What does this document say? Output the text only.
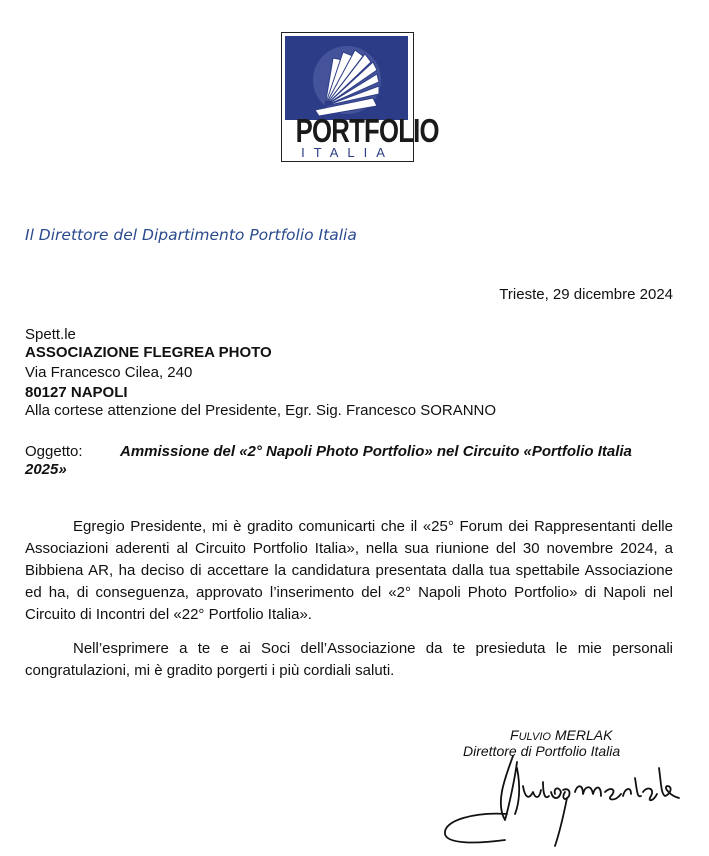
PORTFOLIO
ITALIA
Il Direttore del Dipartimento Portfolio Italia
Trieste, 29 dicembre 2024
Spett.le
ASSOCIAZIONE FLEGREA PHOTO
Via Francesco Cilea, 240
80127 NAPOLI
Alla cortese attenzione del Presidente, Egr. Sig. Francesco SORANNO
Oggetto:	Ammissione del «2° Napoli Photo Portfolio» nel Circuito «Portfolio Italia 2025»
Egregio Presidente, mi è gradito comunicarti che il «25° Forum dei Rappresentanti delle Associazioni aderenti al Circuito Portfolio Italia», nella sua riunione del 30 novembre 2024, a Bibbiena AR, ha deciso di accettare la candidatura presentata dalla tua spettabile Associazione ed ha, di conseguenza, approvato l’inserimento del «2° Napoli Photo Portfolio» di Napoli nel Circuito di Incontri del «22° Portfolio Italia».
Nell’esprimere a te e ai Soci dell’Associazione da te presieduta le mie personali congratulazioni, mi è gradito porgerti i più cordiali saluti.
FULVIO MERLAK
Direttore di Portfolio Italia
